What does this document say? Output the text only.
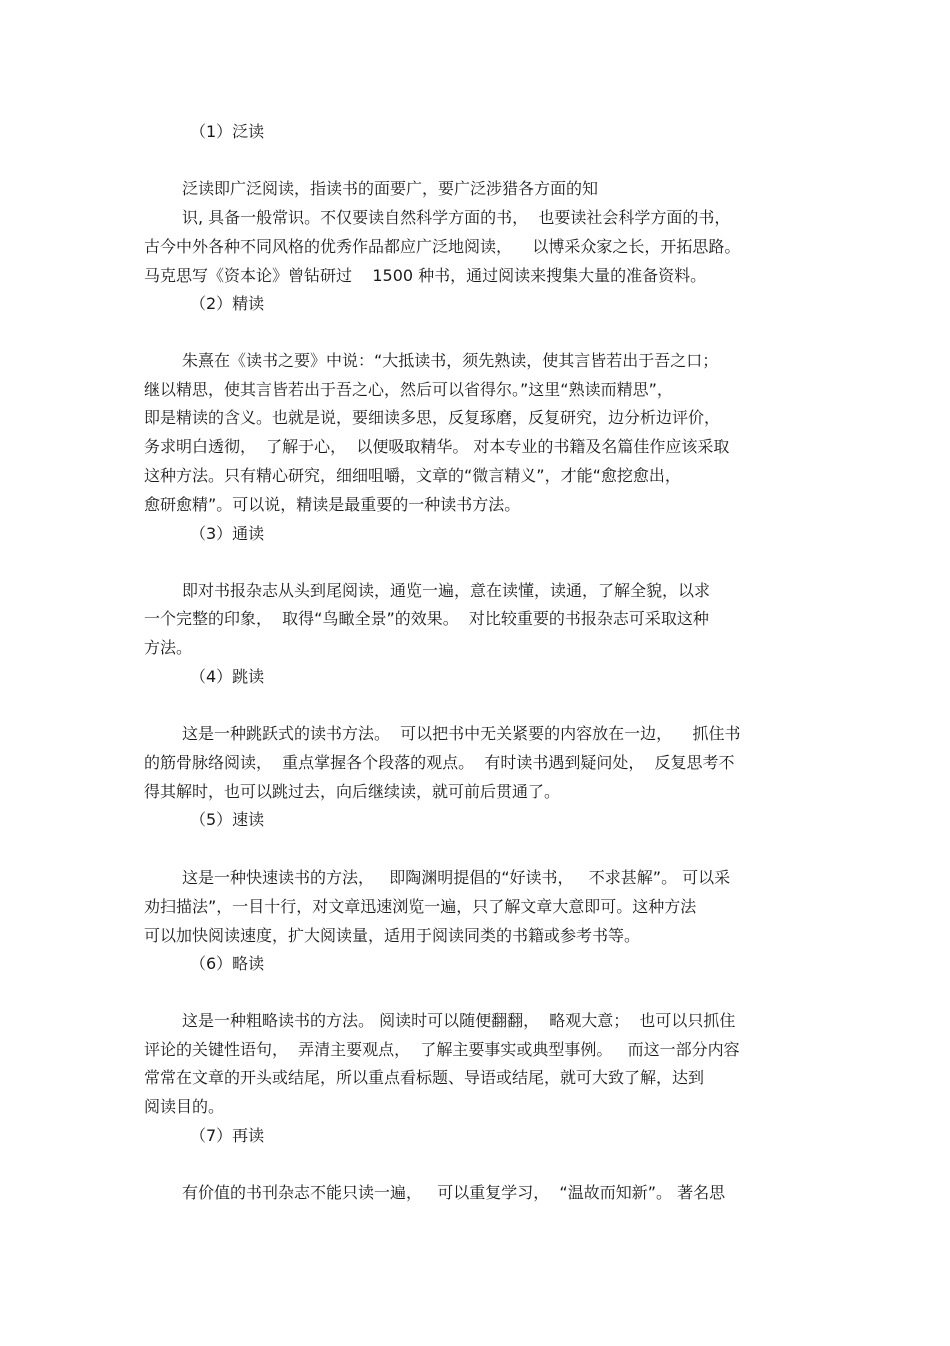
（1）泛读
泛读即广泛阅读，指读书的面要广，要广泛涉猎各方面的知
识, 具备一般常识。不仅要读自然科学方面的书，  也要读社会科学方面的书，
古今中外各种不同风格的优秀作品都应广泛地阅读，    以博采众家之长，开拓思路。
马克思写《资本论》曾钻研过    1500 种书，通过阅读来搜集大量的准备资料。
（2）精读
朱熹在《读书之要》中说：“大抵读书，须先熟读，使其言皆若出于吾之口；
继以精思，使其言皆若出于吾之心，然后可以省得尔。”这里“熟读而精思”，
即是精读的含义。也就是说，要细读多思，反复琢磨，反复研究，边分析边评价，
务求明白透彻，  了解于心，  以便吸取精华。 对本专业的书籍及名篇佳作应该采取
这种方法。只有精心研究，细细咀嚼，文章的“微言精义”，才能“愈挖愈出，
愈研愈精”。可以说，精读是最重要的一种读书方法。
（3）通读
即对书报杂志从头到尾阅读，通览一遍，意在读懂，读通，了解全貌，以求
一个完整的印象，  取得“鸟瞰全景”的效果。  对比较重要的书报杂志可采取这种
方法。
（4）跳读
这是一种跳跃式的读书方法。  可以把书中无关紧要的内容放在一边，    抓住书
的筋骨脉络阅读，  重点掌握各个段落的观点。  有时读书遇到疑问处，  反复思考不
得其解时，也可以跳过去，向后继续读，就可前后贯通了。
（5）速读
这是一种快速读书的方法，   即陶渊明提倡的“好读书，   不求甚解”。 可以采
劝扫描法”，一目十行，对文章迅速浏览一遍，只了解文章大意即可。这种方法
可以加快阅读速度，扩大阅读量，适用于阅读同类的书籍或参考书等。
（6）略读
这是一种粗略读书的方法。 阅读时可以随便翻翻，  略观大意；  也可以只抓住
评论的关键性语句，  弄清主要观点，  了解主要事实或典型事例。   而这一部分内容
常常在文章的开头或结尾，所以重点看标题、导语或结尾，就可大致了解，达到
阅读目的。
（7）再读
有价值的书刊杂志不能只读一遍，   可以重复学习，  “温故而知新”。 著名思
